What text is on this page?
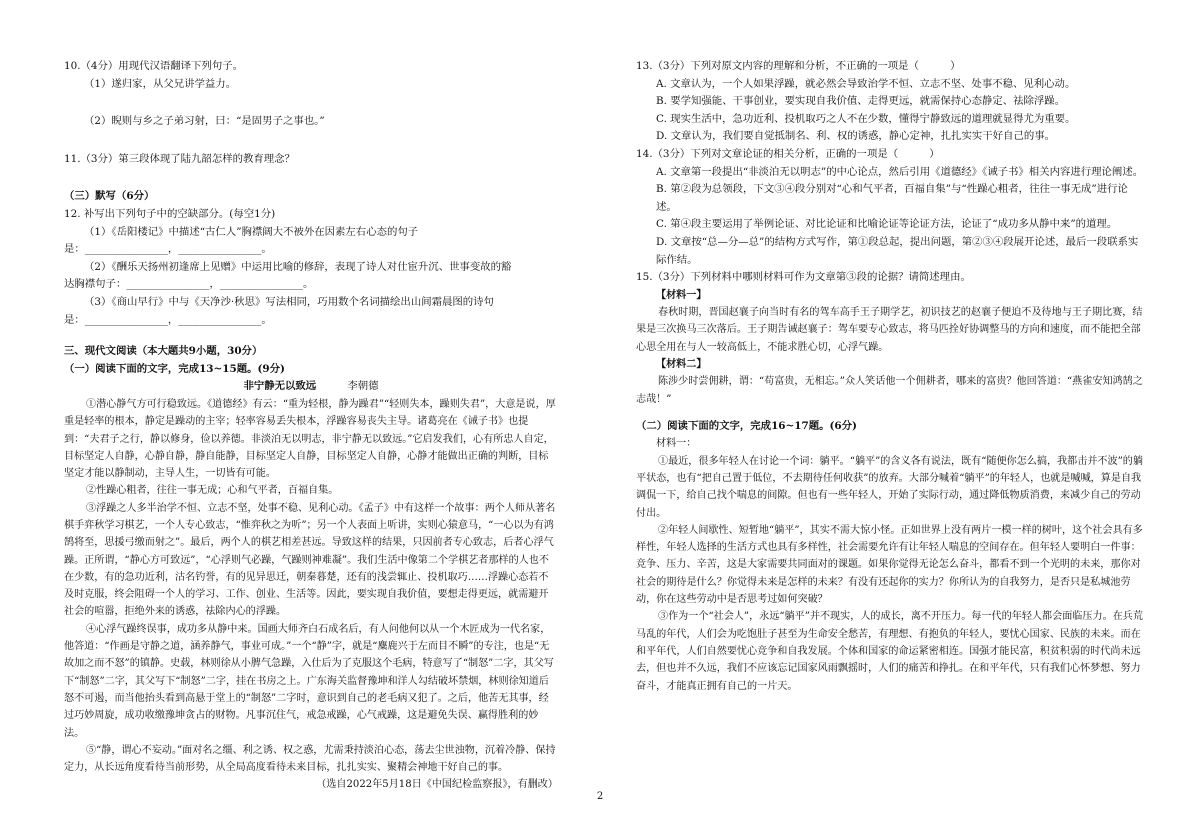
10.（4分）用现代汉语翻译下列句子。

（1）遂归家，从父兄讲学益力。

（2）睨则与乡之子弟习射，曰：“是固男子之事也。”

11.（3分）第三段体现了陆九韶怎样的教育理念？

（三）默写（6分）

12. 补写出下列句子中的空缺部分。(每空1分)

（1）《岳阳楼记》中描述“古仁人”胸襟阔大不被外在因素左右心态的句子

是：________________，________________。

（2）《酬乐天扬州初逢席上见赠》中运用比喻的修辞，表现了诗人对仕宦升沉、世事变故的豁

达胸襟句子：________________，________________。

（3）《商山早行》中与《天净沙·秋思》写法相同，巧用数个名词描绘出山间霜晨图的诗句

是：________________，________________。

三、现代文阅读（本大题共9小题，30分）

（一）阅读下面的文字，完成13~15题。(9分)

非宁静无以致远　　　	李朝德

①潜心静气方可行稳致远。《道德经》有云：“重为轻根，静为躁君”“轻则失本，躁则失君”，大意是说，厚重是轻率的根本，静定是躁动的主宰；轻率容易丢失根本，浮躁容易丧失主导。诸葛亮在《诫子书》也提到：“夫君子之行，静以修身，俭以养德。非淡泊无以明志，非宁静无以致远。”它启发我们，心有所忠人自定，目标坚定人自静，心静自静，静自能静，目标坚定人自静，目标坚定人自静，心静才能做出正确的判断，目标坚定才能以静制动，主导人生，一切皆有可能。

②性躁心粗者，往往一事无成；心和气平者，百福自集。

③浮躁之人多半治学不恒、立志不坚，处事不稳、见利心动。《孟子》中有这样一个故事：两个人师从著名棋手弈秋学习棋艺，一个人专心致志，“惟弈秋之为听”；另一个人表面上听讲，实则心猿意马，“一心以为有鸿鹄将至，思援弓缴而射之”。最后，两个人的棋艺相差甚远。导致这样的结果，只因前者专心致志，后者心浮气躁。正所谓，“静心方可致远”，“心浮则气必躁，气躁则神难凝”。我们生活中像第二个学棋艺者那样的人也不在少数，有的急功近利，沽名钓誉，有的见异思迁，朝秦暮楚，还有的浅尝辄止、投机取巧……浮躁心态若不及时克服，终会阻碍一个人的学习、工作、创业、生活等。因此，要实现自我价值，要想走得更远，就需避开社会的喧嚣，拒绝外来的诱惑，祛除内心的浮躁。

④心浮气躁终误事，成功多从静中来。国画大师齐白石成名后，有人问他何以从一个木匠成为一代名家，他答道：“作画是守静之道，涵养静气，事业可成。”一个“静”字，就是“麋鹿兴于左而目不瞬”的专注，也是“无故加之而不怒”的镇静。史载，林则徐从小脾气急躁，入仕后为了克服这个毛病，特意写了“制怒”二字，其父写下“制怒”二字，其父写下“制怒”二字，挂在书房之上。广东海关监督豫坤和洋人勾结破坏禁烟，林则徐知道后怒不可遏，而当他抬头看到高悬于堂上的“制怒”二字时，意识到自己的老毛病又犯了。之后，他苦无其事，经过巧妙周旋，成功收缴豫坤贪占的财物。凡事沉住气，戒急戒躁，心气戒躁，这是避免失误、赢得胜利的妙法。

⑤“静，谓心不妄动。”面对名之缰、利之诱、权之惑，尤需秉持淡泊心态，荡去尘世浊物，沉着冷静、保持定力，从长远角度看待当前形势，从全局高度看待未来目标，扎扎实实、聚精会神地干好自己的事。

（选自2022年5月18日《中国纪检监察报》，有删改）

13.（3分）下列对原文内容的理解和分析，不正确的一项是（　　　）

A. 文章认为，一个人如果浮躁，就必然会导致治学不恒、立志不坚、处事不稳、见利心动。

B. 要学知强能、干事创业，要实现自我价值、走得更远，就需保持心态静定、祛除浮躁。

C. 现实生活中，急功近利、投机取巧之人不在少数，懂得宁静致远的道理就显得尤为重要。

D. 文章认为，我们要自觉抵制名、利、权的诱惑，静心定神，扎扎实实干好自己的事。

14.（3分）下列对文章论证的相关分析，正确的一项是（　　　）

A. 文章第一段提出“非淡泊无以明志”的中心论点，然后引用《道德经》《诫子书》相关内容进行理论阐述。

B. 第②段为总领段，下文③④段分别对“心和气平者，百福自集”与“性躁心粗者，往往一事无成”进行论述。

C. 第④段主要运用了举例论证、对比论证和比喻论证等论证方法，论证了“成功多从静中来”的道理。

D. 文章按“总—分—总”的结构方式写作，第①段总起，提出问题，第②③④段展开论述，最后一段联系实际作结。

15.（3分）下列材料中哪则材料可作为文章第③段的论据？请简述理由。

【材料一】

春秋时期，晋国赵襄子向当时有名的驾车高手王子期学艺，初识技艺的赵襄子便迫不及待地与王子期比赛，结果是三次换马三次落后。王子期告诫赵襄子：驾车要专心致志，将马匹拴好协调整马的方向和速度，而不能把全部心思全用在与人一较高低上，不能求胜心切，心浮气躁。

【材料二】

陈涉少时尝佣耕，谓：“苟富贵，无相忘。”众人笑话他一个佣耕者，哪来的富贵？他回答道：“燕雀安知鸿鹄之志哉！”

（二）阅读下面的文字，完成16~17题。(6分)

材料一：

①最近，很多年轻人在讨论一个词：躺平。“躺平”的含义各有说法，既有“随便你怎么搞，我都击并不波”的躺平状态，也有“把自己置于低位，不去期待任何收获”的放弃。大部分喊着“躺平”的年轻人，也就是喊喊，算是自我调侃一下，给自己找个喘息的间隙。但也有一些年轻人，开始了实际行动，通过降低物质消费，来减少自己的劳动付出。

②年轻人间歇性、短暂地“躺平”，其实不需大惊小怪。正如世界上没有两片一模一样的树叶，这个社会具有多样性，年轻人选择的生活方式也具有多样性，社会需要允许有让年轻人喘息的空间存在。但年轻人要明白一件事：竞争、压力、辛苦，这是大家需要共同面对的课题。如果你觉得无论怎么奋斗，都看不到一个光明的未来，那你对社会的期待是什么？你觉得未来是怎样的未来？有没有还起你的实力？你所认为的自我努力，是否只是私城池劳动，你在这些劳动中是否思考过如何突破？

③作为一个“社会人”，永远“躺平”并不现实，人的成长，离不开压力。每一代的年轻人都会面临压力。在兵荒马乱的年代，人们会为吃饱肚子甚至为生命安全愁苦，有理想、有抱负的年轻人，要忧心国家、民族的未来。而在和平年代，人们自然要忧心竞争和自我发展。个体和国家的命运紧密相连。国强才能民富，积贫积弱的时代尚未远去，但也并不久远，我们不应该忘记国家风雨飘摇时，人们的痛苦和挣扎。在和平年代，只有我们心怀梦想、努力奋斗，才能真正拥有自己的一片天。

2
